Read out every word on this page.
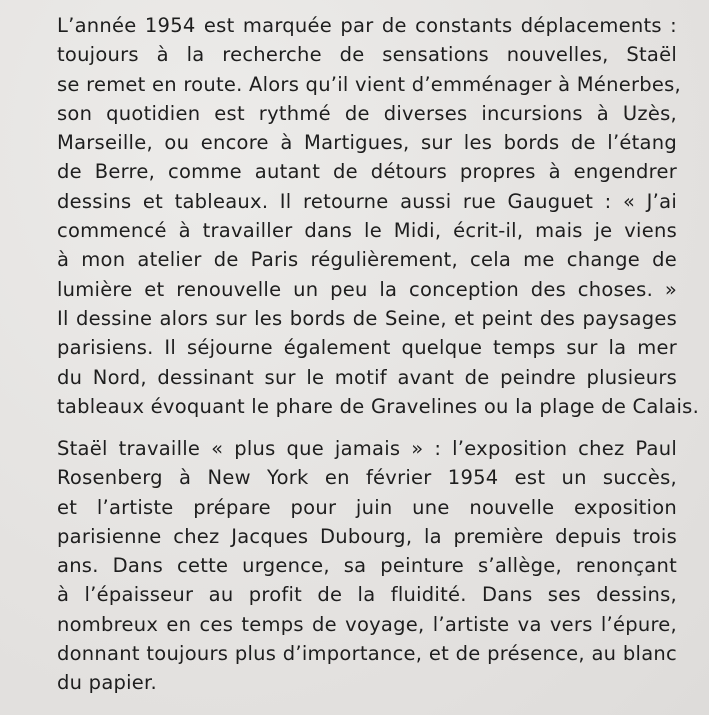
L’année 1954 est marquée par de constants déplacements :
toujours à la recherche de sensations nouvelles, Staël
se remet en route. Alors qu’il vient d’emménager à Ménerbes,
son quotidien est rythmé de diverses incursions à Uzès,
Marseille, ou encore à Martigues, sur les bords de l’étang
de Berre, comme autant de détours propres à engendrer
dessins et tableaux. Il retourne aussi rue Gauguet : « J’ai
commencé à travailler dans le Midi, écrit-il, mais je viens
à mon atelier de Paris régulièrement, cela me change de
lumière et renouvelle un peu la conception des choses. »
Il dessine alors sur les bords de Seine, et peint des paysages
parisiens. Il séjourne également quelque temps sur la mer
du Nord, dessinant sur le motif avant de peindre plusieurs
tableaux évoquant le phare de Gravelines ou la plage de Calais.
Staël travaille « plus que jamais » : l’exposition chez Paul
Rosenberg à New York en février 1954 est un succès,
et l’artiste prépare pour juin une nouvelle exposition
parisienne chez Jacques Dubourg, la première depuis trois
ans. Dans cette urgence, sa peinture s’allège, renonçant
à l’épaisseur au profit de la fluidité. Dans ses dessins,
nombreux en ces temps de voyage, l’artiste va vers l’épure,
donnant toujours plus d’importance, et de présence, au blanc
du papier.
